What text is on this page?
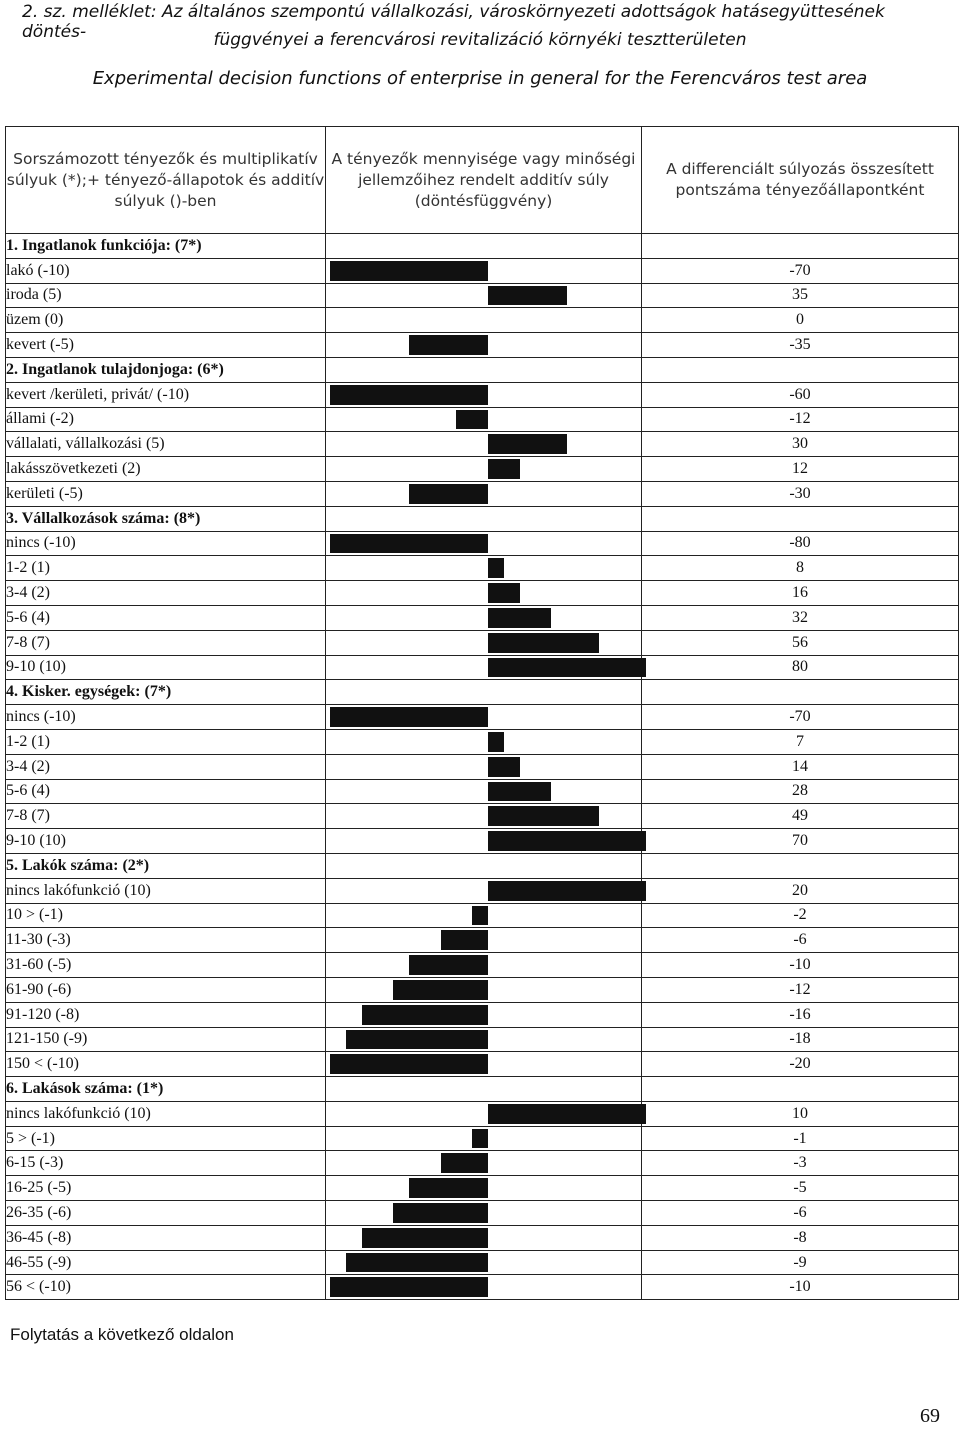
2. sz. melléklet: Az általános szempontú vállalkozási, városkörnyezeti adottságok hatásegyüttesének döntés-	függvényei a ferencvárosi revitalizáció környéki tesztterületen
Experimental decision functions of enterprise in general for the Ferencváros test area
Sorszámozott tényezők és multiplikatív súlyuk (*);+ tényező-állapotok és additív súlyuk ()-ben	A tényezők mennyisége vagy minőségi jellemzőihez rendelt additív súly (döntésfüggvény)	A differenciált súlyozás összesített pontszáma tényezőállapontként
1. Ingatlanok funkciója: (7*)		
lakó (-10)		-70
iroda (5)		35
üzem (0)		0
kevert (-5)		-35
2. Ingatlanok tulajdonjoga: (6*)		
kevert /kerületi, privát/ (-10)		-60
állami (-2)		-12
vállalati, vállalkozási (5)		30
lakásszövetkezeti (2)		12
kerületi (-5)		-30
3. Vállalkozások száma: (8*)		
nincs (-10)		-80
1-2 (1)		8
3-4 (2)		16
5-6 (4)		32
7-8 (7)		56
9-10 (10)		80
4. Kisker. egységek: (7*)		
nincs (-10)		-70
1-2 (1)		7
3-4 (2)		14
5-6 (4)		28
7-8 (7)		49
9-10 (10)		70
5. Lakók száma: (2*)		
nincs lakófunkció (10)		20
10 > (-1)		-2
11-30 (-3)		-6
31-60 (-5)		-10
61-90 (-6)		-12
91-120 (-8)		-16
121-150 (-9)		-18
150 < (-10)		-20
6. Lakások száma: (1*)		
nincs lakófunkció (10)		10
5 > (-1)		-1
6-15 (-3)		-3
16-25 (-5)		-5
26-35 (-6)		-6
36-45 (-8)		-8
46-55 (-9)		-9
56 < (-10)		-10
Folytatás a következő oldalon
69
